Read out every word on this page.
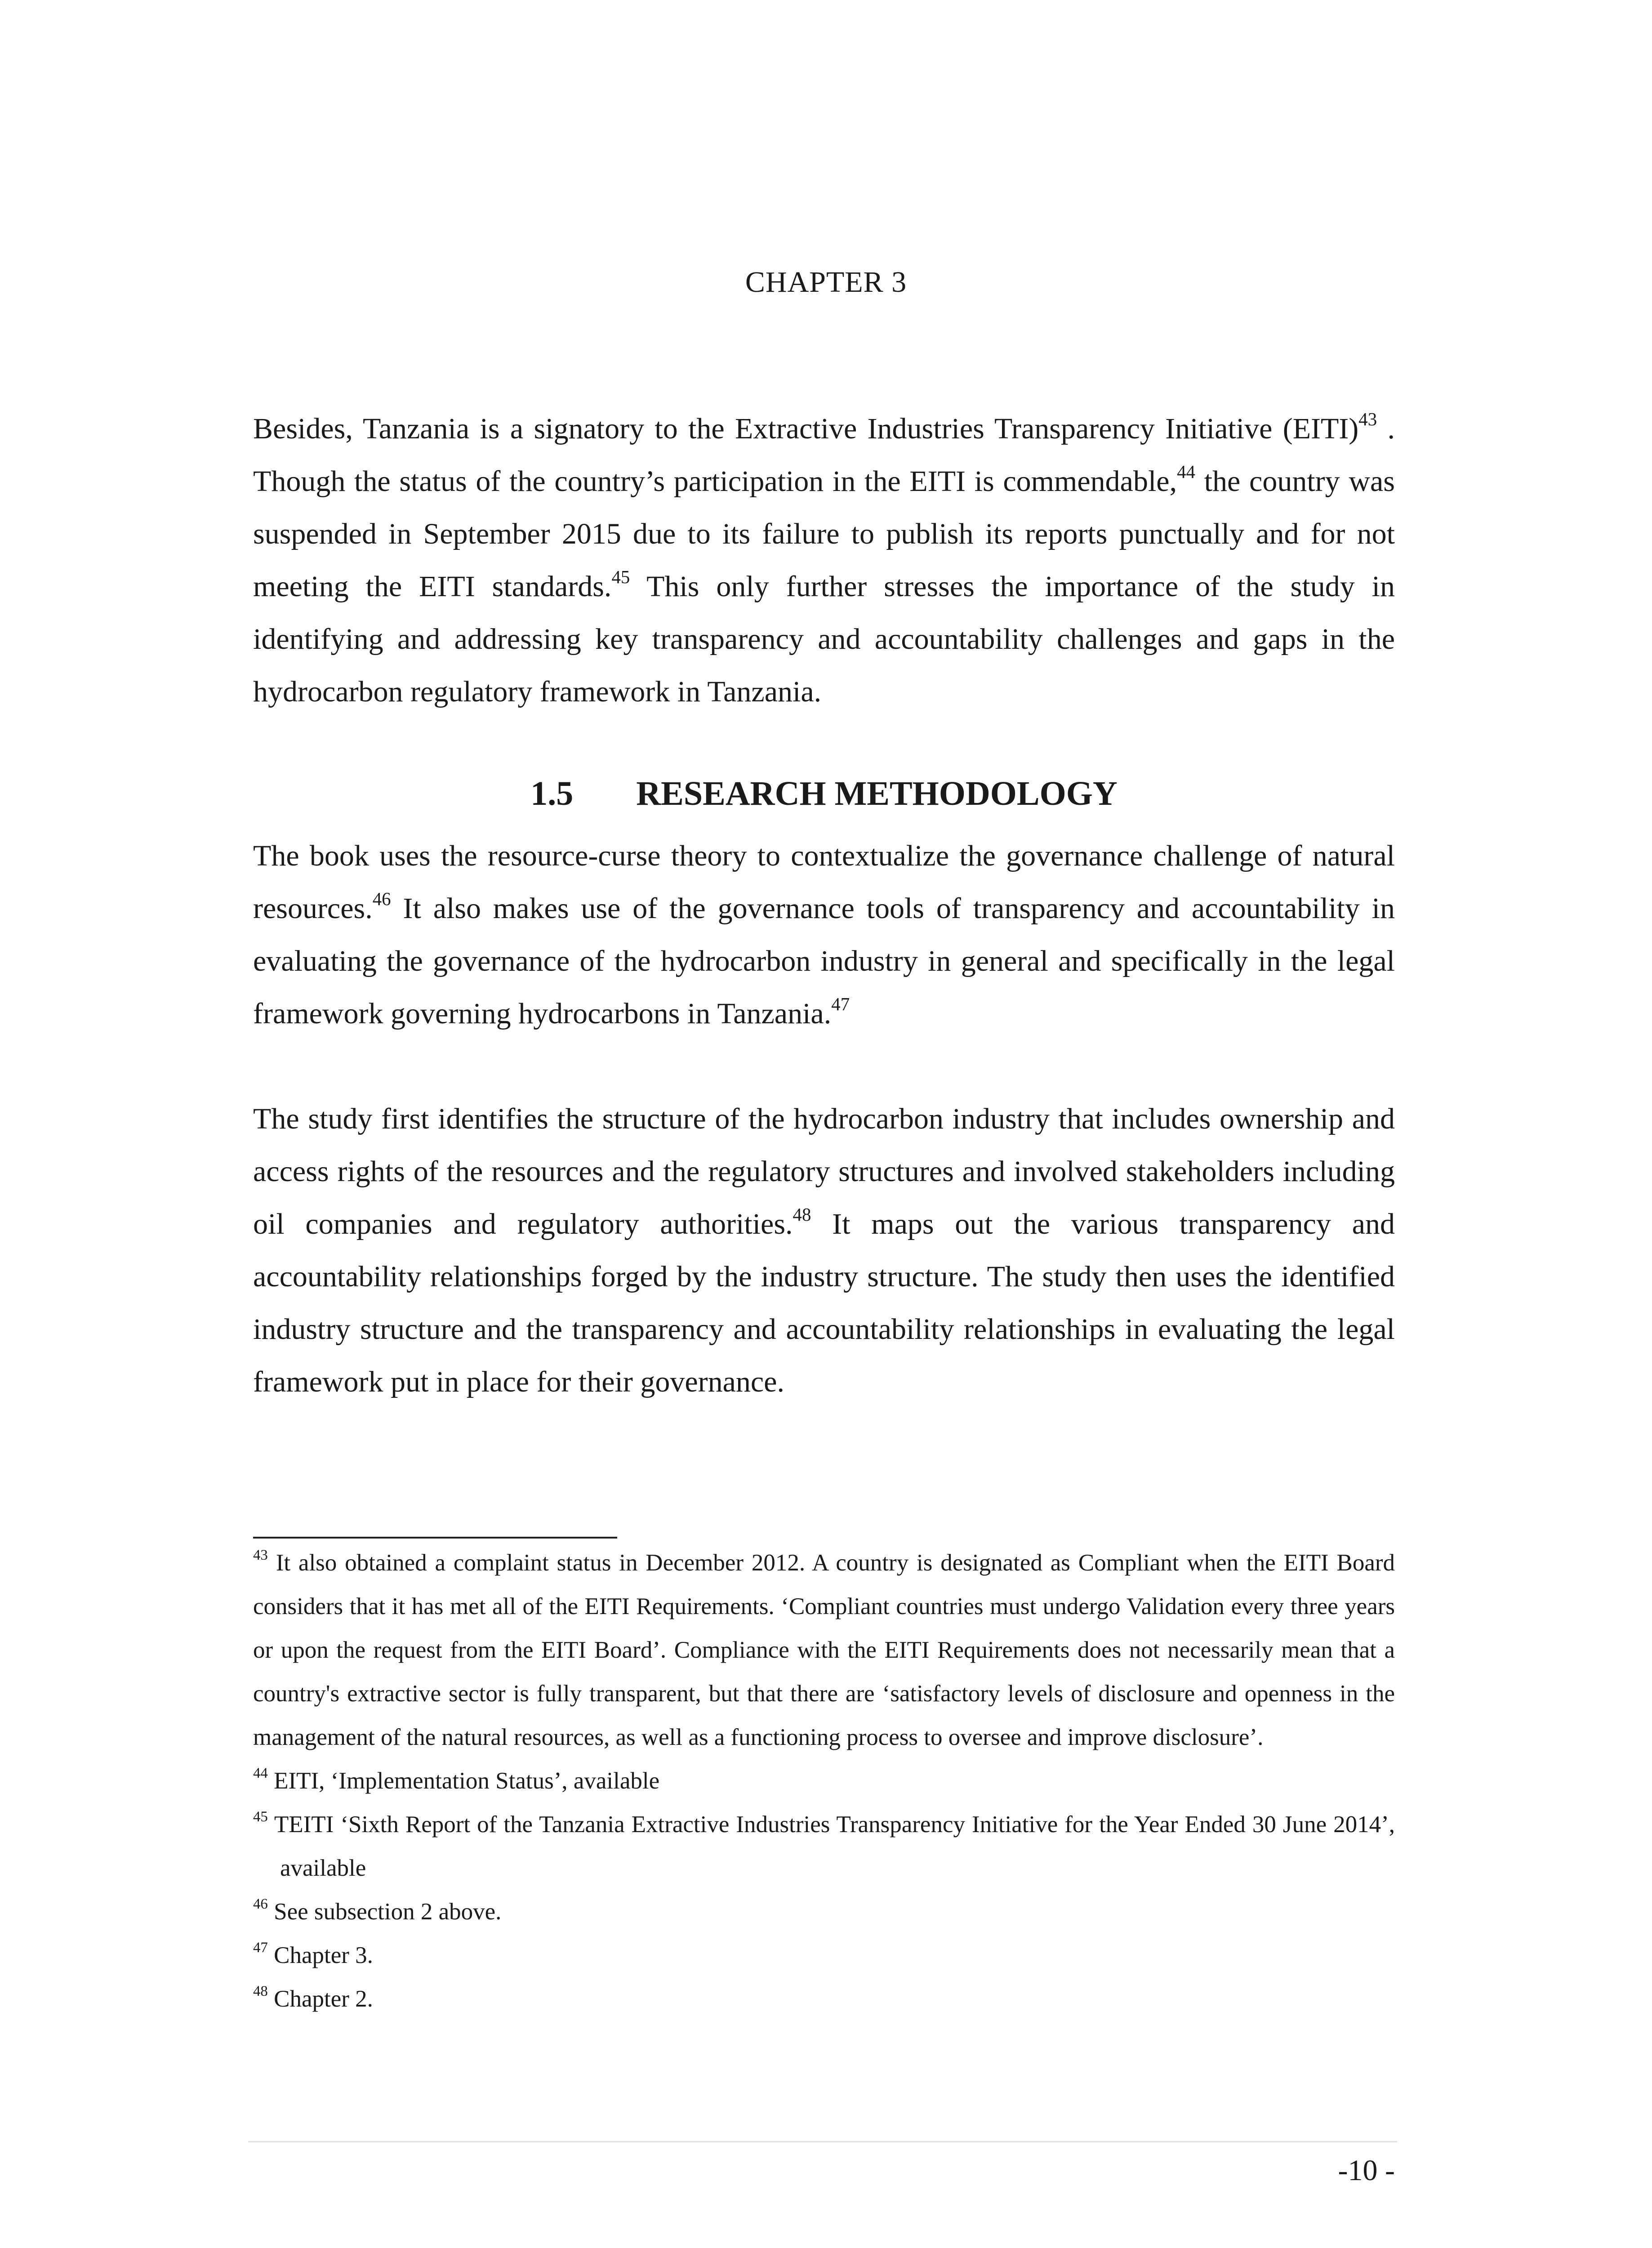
CHAPTER 3

Besides, Tanzania is a signatory to the Extractive Industries Transparency Initiative (EITI)$^{43}$ . Though the status of the country’s participation in the EITI is commendable,$^{44}$ the country was suspended in September 2015 due to its failure to publish its reports punctually and for not meeting the EITI standards.$^{45}$ This only further stresses the importance of the study in identifying and addressing key transparency and accountability challenges and gaps in the hydrocarbon regulatory framework in Tanzania.

1.5 RESEARCH METHODOLOGY

The book uses the resource-curse theory to contextualize the governance challenge of natural resources.$^{46}$ It also makes use of the governance tools of transparency and accountability in evaluating the governance of the hydrocarbon industry in general and specifically in the legal framework governing hydrocarbons in Tanzania.$^{47}$

The study first identifies the structure of the hydrocarbon industry that includes ownership and access rights of the resources and the regulatory structures and involved stakeholders including oil companies and regulatory authorities.$^{48}$ It maps out the various transparency and accountability relationships forged by the industry structure. The study then uses the identified industry structure and the transparency and accountability relationships in evaluating the legal framework put in place for their governance.

$^{43}$ It also obtained a complaint status in December 2012. A country is designated as Compliant when the EITI Board considers that it has met all of the EITI Requirements. ‘Compliant countries must undergo Validation every three years or upon the request from the EITI Board’. Compliance with the EITI Requirements does not necessarily mean that a country's extractive sector is fully transparent, but that there are ‘satisfactory levels of disclosure and openness in the management of the natural resources, as well as a functioning process to oversee and improve disclosure’.

$^{44}$ EITI, ‘Implementation Status’, available

$^{45}$ TEITI ‘Sixth Report of the Tanzania Extractive Industries Transparency Initiative for the Year Ended 30 June 2014’,available

$^{46}$ See subsection 2 above.

$^{47}$ Chapter 3.

$^{48}$ Chapter 2.

-10 -
